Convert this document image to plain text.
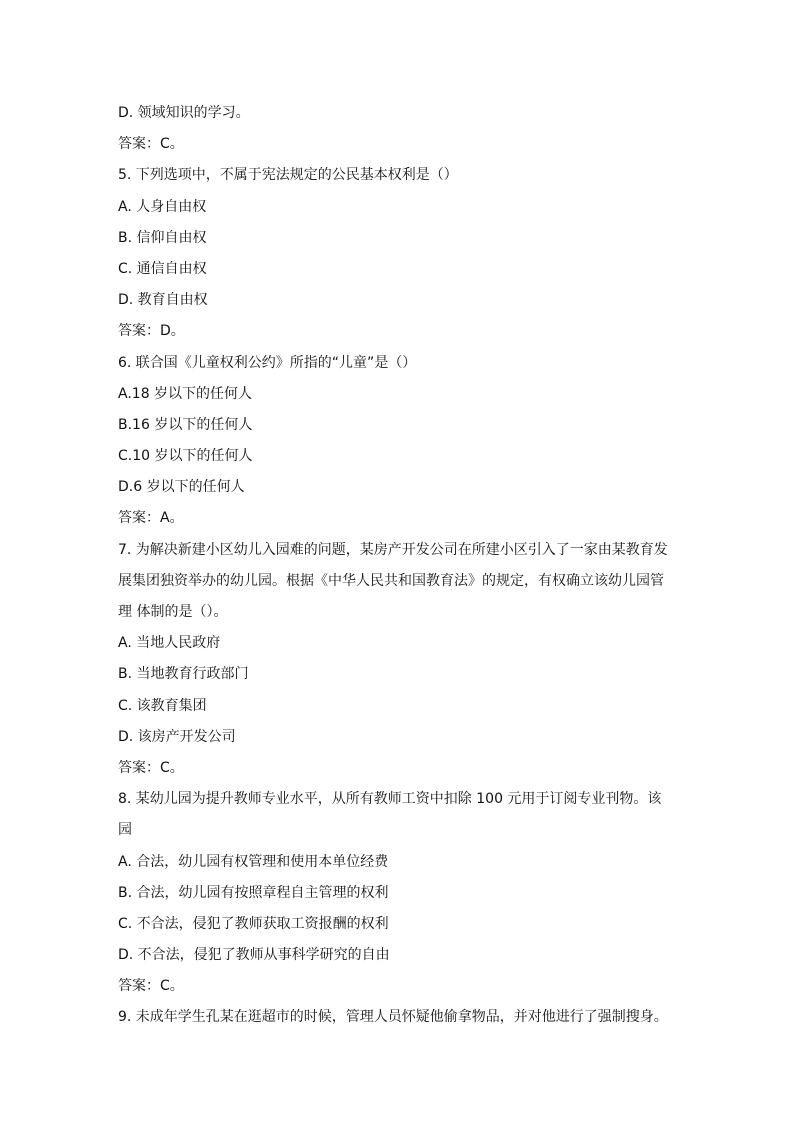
D. 领域知识的学习。
答案：C。
5. 下列选项中，不属于宪法规定的公民基本权利是（）
A. 人身自由权
B. 信仰自由权
C. 通信自由权
D. 教育自由权
答案：D。
6. 联合国《儿童权利公约》所指的“儿童”是（）
A.18 岁以下的任何人
B.16 岁以下的任何人
C.10 岁以下的任何人
D.6 岁以下的任何人
答案：A。
7. 为解决新建小区幼儿入园难的问题，某房产开发公司在所建小区引入了一家由某教育发
展集团独资举办的幼儿园。根据《中华人民共和国教育法》的规定，有权确立该幼儿园管
理 体制的是（）。
A. 当地人民政府
B. 当地教育行政部门
C. 该教育集团
D. 该房产开发公司
答案：C。
8. 某幼儿园为提升教师专业水平，从所有教师工资中扣除 100 元用于订阅专业刊物。该
园
A. 合法，幼儿园有权管理和使用本单位经费
B. 合法，幼儿园有按照章程自主管理的权利
C. 不合法，侵犯了教师获取工资报酬的权利
D. 不合法，侵犯了教师从事科学研究的自由
答案：C。
9. 未成年学生孔某在逛超市的时候，管理人员怀疑他偷拿物品，并对他进行了强制搜身。
